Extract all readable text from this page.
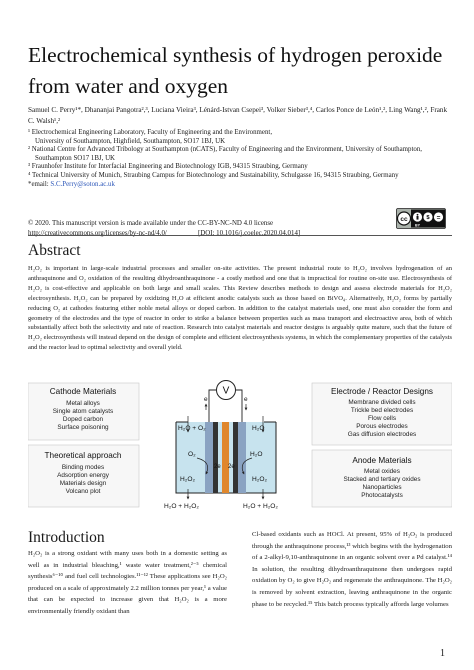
Electrochemical synthesis of hydrogen peroxide from water and oxygen
Samuel C. Perry¹*, Dhananjai Pangotra²,³, Luciana Vieira³, Lénárd-Istvan Csepei³, Volker Sieber³,⁴, Carlos Ponce de León¹,², Ling Wang¹,², Frank C. Walsh¹,²
¹ Electrochemical Engineering Laboratory, Faculty of Engineering and the Environment,
University of Southampton, Highfield, Southampton, SO17 1BJ, UK
² National Centre for Advanced Tribology at Southampton (nCATS), Faculty of Engineering and the Environment, University of Southampton,
Southampton SO17 1BJ, UK
³ Fraunhofer Institute for Interfacial Engineering and Biotechnology IGB, 94315 Straubing, Germany
⁴ Technical University of Munich, Straubing Campus for Biotechnology and Sustainability, Schulgasse 16, 94315 Straubing, Germany
*email: S.C.Perry@soton.ac.uk
© 2020. This manuscript version is made available under the CC-BY-NC-ND 4.0 license
http://creativecommons.org/licenses/by-nc-nd/4.0/	[DOI: 10.1016/j.coelec.2020.04.014]
cc	$ =
BY
Abstract
H₂O₂ is important in large-scale industrial processes and smaller on-site activities. The present industrial route to H₂O₂ involves hydrogenation of an anthraquinone and O₂ oxidation of the resulting dihydroanthraquinone - a costly method and one that is impractical for routine on-site use. Electrosynthesis of H₂O₂ is cost-effective and applicable on both large and small scales. This Review describes methods to design and assess electrode materials for H₂O₂ electrosynthesis. H₂O₂ can be prepared by oxidizing H₂O at efficient anodic catalysts such as those based on BiVO₄. Alternatively, H₂O₂ forms by partially reducing O₂ at cathodes featuring either noble metal alloys or doped carbon. In addition to the catalyst materials used, one must also consider the form and geometry of the electrodes and the type of reactor in order to strike a balance between properties such as mass transport and electroactive area, both of which substantially affect both the selectivity and rate of reaction. Research into catalyst materials and reactor designs is arguably quite mature, such that the future of H₂O₂ electrosynthesis will instead depend on the design of complete and efficient electrosynthesis systems, in which the complementary properties of the catalysts and the reactor lead to optimal selectivity and overall yield.
Cathode Materials
Metal alloys
Single atom catalysts
Doped carbon
Surface poisoning
Theoretical approach
Binding modes
Adsorption energy
Materials design
Volcano plot
Electrode / Reactor Designs
Membrane divided cells
Trickle bed electrodes
Flow cells
Porous electrodes
Gas diffusion electrodes
Anode Materials
Metal oxides
Stacked and tertiary oxides
Nanoparticles
Photocatalysts
V
e	e
H₂O + O₂	H₂O
O₂	H₂O
2e 2e
H₂O₂	H₂O₂
H₂O + H₂O₂	H₂O + H₂O₂
Introduction
H₂O₂ is a strong oxidant with many uses both in a domestic setting as well as in industrial bleaching,¹ waste water treatment,²⁻⁵ chemical synthesis⁶⁻¹⁰ and fuel cell technologies.¹¹⁻¹² These applications see H₂O₂ produced on a scale of approximately 2.2 million tonnes per year,¹ a value that can be expected to increase given that H₂O₂ is a more environmentally friendly oxidant than
Cl-based oxidants such as HOCl. At present, 95% of H₂O₂ is produced through the anthraquinone process,¹³ which begins with the hydrogenation of a 2-alkyl-9,10-anthraquinone in an organic solvent over a Pd catalyst.¹⁴ In solution, the resulting dihydroanthraquinone then undergoes rapid oxidation by O₂ to give H₂O₂ and regenerate the anthraquinone. The H₂O₂ is removed by solvent extraction, leaving anthraquinone in the organic phase to be recycled.¹⁵ This batch process typically affords large volumes
1
